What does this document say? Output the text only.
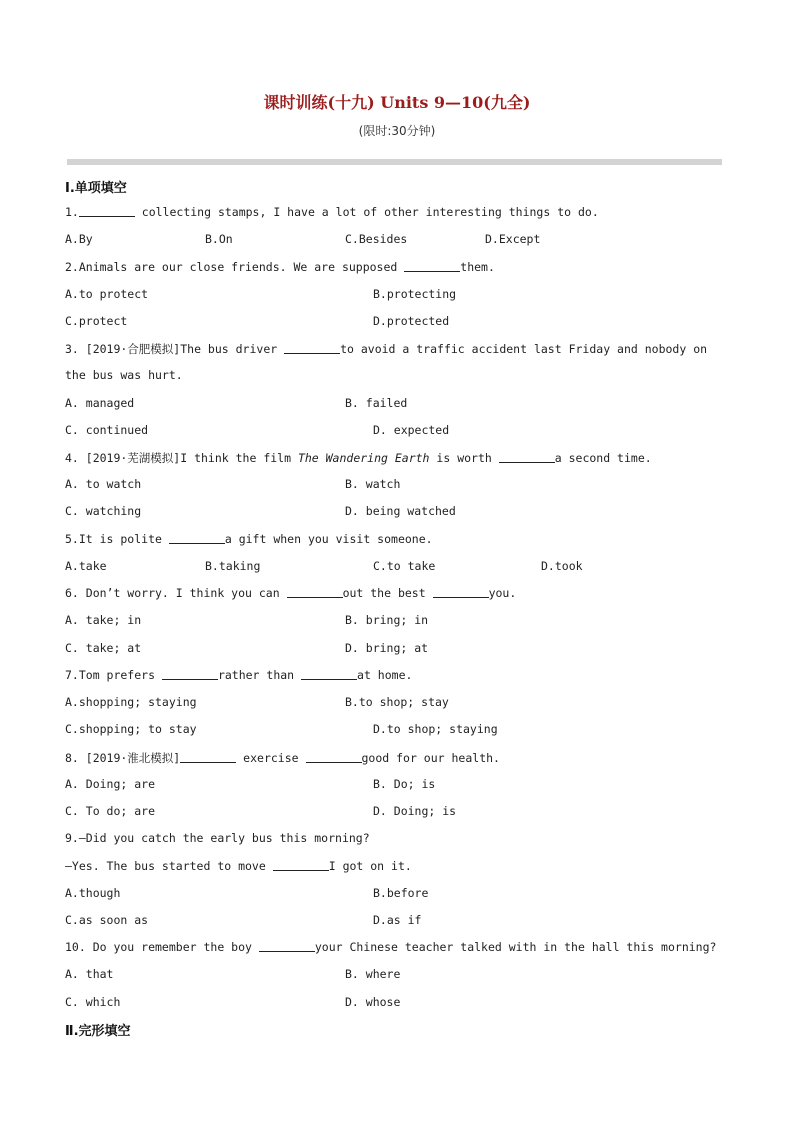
课时训练(十九) Units 9—10(九全)
(限时:30分钟)
Ⅰ.单项填空
1.	collecting stamps, I have a lot of other interesting things to do.
A.By	B.On	C.Besides	D.Except
2.Animals are our close friends. We are supposed	them.
A.to protect	B.protecting
C.protect	D.protected
3. [2019·合肥模拟]The bus driver	to avoid a traffic accident last Friday and nobody on
the bus was hurt.
A. managed	B. failed
C. continued	D. expected
4. [2019·芜湖模拟]I think the film The Wandering Earth is worth	a second time.
A. to watch	B. watch
C. watching	D. being watched
5.It is polite	a gift when you visit someone.
A.take	B.taking	C.to take	D.took
6. Don’t worry. I think you can	out the best	you.
A. take; in	B. bring; in
C. take; at	D. bring; at
7.Tom prefers	rather than	at home.
A.shopping; staying	B.to shop; stay
C.shopping; to stay	D.to shop; staying
8. [2019·淮北模拟]	exercise	good for our health.
A. Doing; are	B. Do; is
C. To do; are	D. Doing; is
9.—Did you catch the early bus this morning?
—Yes. The bus started to move	I got on it.
A.though	B.before
C.as soon as	D.as if
10. Do you remember the boy	your Chinese teacher talked with in the hall this morning?
A. that	B. where
C. which	D. whose
Ⅱ.完形填空
